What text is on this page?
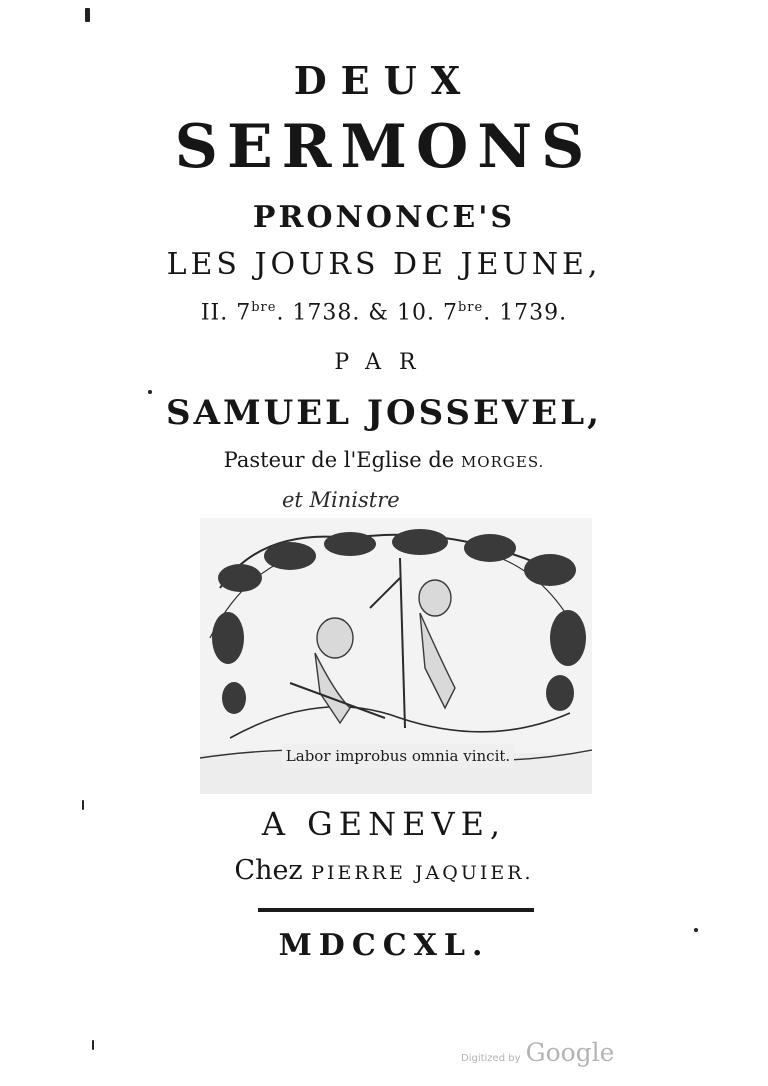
DEUX
SERMONS
PRONONCE'S
LES JOURS DE JEUNE,
II. $7^{bre}$. 1738. & 10. $7^{bre}$. 1739.
PAR
SAMUEL JOSSEVEL,
Pasteur de l'Eglise de MORGES.
et Ministre
Labor improbus omnia vincit.
A GENEVE,
Chez PIERRE JAQUIER.
MDCCXL.
Digitized by Google
